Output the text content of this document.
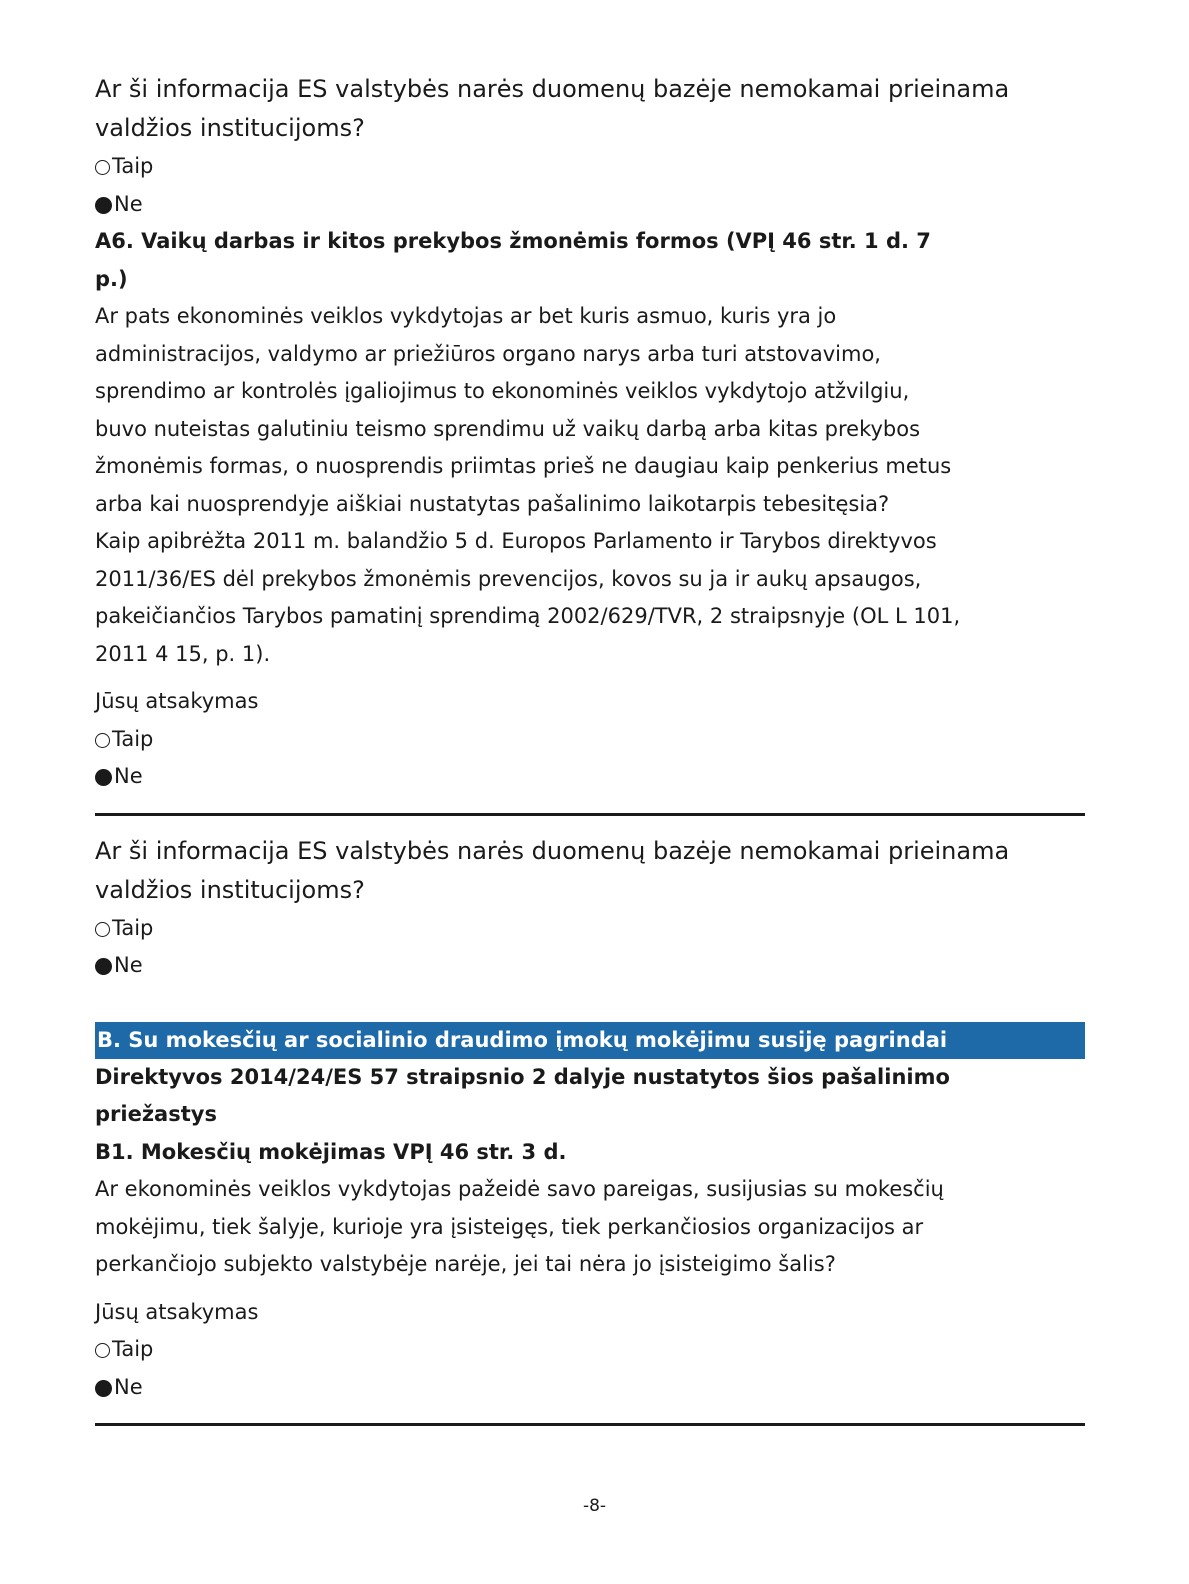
Ar ši informacija ES valstybės narės duomenų bazėje nemokamai prieinama

valdžios institucijoms?

Taip

Ne

A6. Vaikų darbas ir kitos prekybos žmonėmis formos (VPĮ 46 str. 1 d. 7

p.)

Ar pats ekonominės veiklos vykdytojas ar bet kuris asmuo, kuris yra jo

administracijos, valdymo ar priežiūros organo narys arba turi atstovavimo,

sprendimo ar kontrolės įgaliojimus to ekonominės veiklos vykdytojo atžvilgiu,

buvo nuteistas galutiniu teismo sprendimu už vaikų darbą arba kitas prekybos

žmonėmis formas, o nuosprendis priimtas prieš ne daugiau kaip penkerius metus

arba kai nuosprendyje aiškiai nustatytas pašalinimo laikotarpis tebesitęsia?

Kaip apibrėžta 2011 m. balandžio 5 d. Europos Parlamento ir Tarybos direktyvos

2011/36/ES dėl prekybos žmonėmis prevencijos, kovos su ja ir aukų apsaugos,

pakeičiančios Tarybos pamatinį sprendimą 2002/629/TVR, 2 straipsnyje (OL L 101,

2011 4 15, p. 1).

Jūsų atsakymas

Taip

Ne

Ar ši informacija ES valstybės narės duomenų bazėje nemokamai prieinama

valdžios institucijoms?

Taip

Ne

B. Su mokesčių ar socialinio draudimo įmokų mokėjimu susiję pagrindai

Direktyvos 2014/24/ES 57 straipsnio 2 dalyje nustatytos šios pašalinimo

priežastys

B1. Mokesčių mokėjimas VPĮ 46 str. 3 d.

Ar ekonominės veiklos vykdytojas pažeidė savo pareigas, susijusias su mokesčių

mokėjimu, tiek šalyje, kurioje yra įsisteigęs, tiek perkančiosios organizacijos ar

perkančiojo subjekto valstybėje narėje, jei tai nėra jo įsisteigimo šalis?

Jūsų atsakymas

Taip

Ne

-8-
